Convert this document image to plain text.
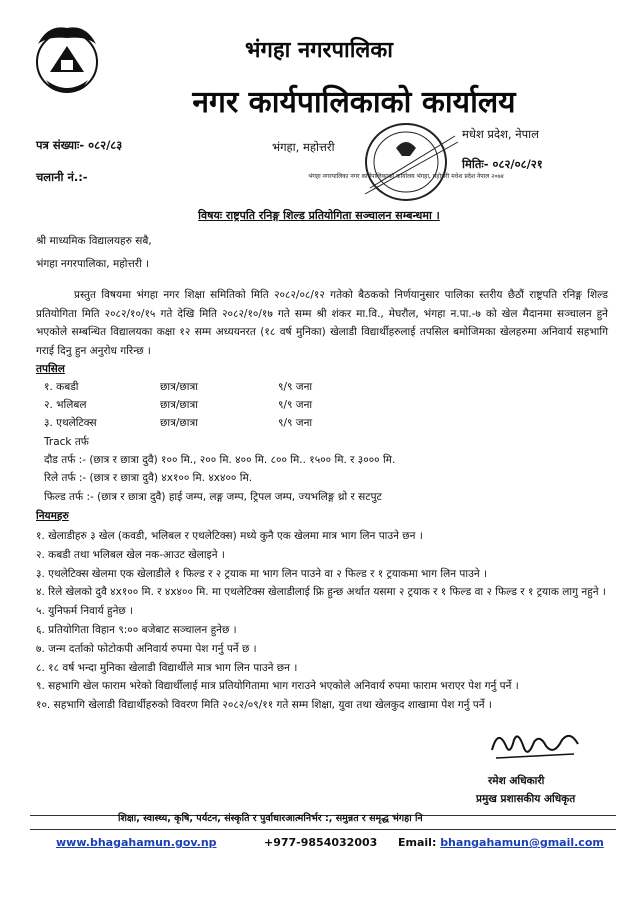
भंगहा नगरपालिका
नगर कार्यपालिकाको कार्यालय
पत्र संख्याः- ०८२/८३
चलानी नं.:-
भंगहा, महोत्तरी
मधेश प्रदेश, नेपाल
मितिः- ०८२/०८/२१
भंगहा नगरपालिका नगर कार्यपालिकाको कार्यालय भंगहा, महोत्तरी मधेश प्रदेश नेपाल २०७४
विषयः राष्ट्रपति रनिङ्ग शिल्ड प्रतियोगिता सञ्चालन सम्बन्धमा ।
श्री माध्यमिक विद्यालयहरु सबै,
भंगहा नगरपालिका, महोत्तरी ।
प्रस्तुत विषयमा भंगहा नगर शिक्षा समितिको मिति २०८२/०८/१२ गतेको बैठकको निर्णयानुसार पालिका स्तरीय छैठौं राष्ट्रपति रनिङ्ग शिल्ड प्रतियोगिता मिति २०८२/१०/१५ गते देखि मिति २०८२/१०/१७ गते सम्म श्री शंकर मा.वि., मेघरौल, भंगहा न.पा.-७ को खेल मैदानमा सञ्चालन हुने भएकोले सम्बन्धित विद्यालयका कक्षा १२ सम्म अध्ययनरत (१८ वर्ष मुनिका) खेलाडी विद्यार्थीहरुलाई तपसिल बमोजिमका खेलहरुमा अनिवार्य सहभागि गराई दिनु हुन अनुरोध गरिन्छ ।
तपसिल
१. कबडी	छात्र/छात्रा	९/९ जना
२. भलिबल	छात्र/छात्रा	९/९ जना
३. एथलेटिक्स	छात्र/छात्रा	९/९ जना
Track तर्फ
दौड तर्फ :- (छात्र र छात्रा दुवै) १०० मि., २०० मि. ४०० मि. ८०० मि.. १५०० मि. र ३००० मि.
रिले तर्फ :- (छात्र र छात्रा दुवै) ४x१०० मि. ४x४०० मि.
फिल्ड तर्फ :- (छात्र र छात्रा दुवै) हाई जम्प, लङ्ग जम्प, ट्रिपल जम्प, ज्यभलिङ्ग थ्रो र सटपुट
नियमहरु
१. खेलाडीहरु ३ खेल (कवडी, भलिबल र एथलेटिक्स) मध्ये कुनै एक खेलमा मात्र भाग लिन पाउने छन ।
२. कबडी तथा भलिबल खेल नक-आउट खेलाइने ।
३. एथलेटिक्स खेलमा एक खेलाडीले १ फिल्ड र २ ट्रयाक मा भाग लिन पाउने वा २ फिल्ड र १ ट्रयाकमा भाग लिन पाउने ।
४. रिले खेलको दुवै ४x१०० मि. र ४x४०० मि. मा एथलेटिक्स खेलाडीलाई फ्रि हुन्छ अर्थात यसमा २ ट्रयाक र १ फिल्ड वा २ फिल्ड र १ ट्रयाक लागु नहुने ।
५. युनिफर्म निवार्य हुनेछ ।
६. प्रतियोगिता विहान ९:०० बजेबाट सञ्चालन हुनेछ ।
७. जन्म दर्ताको फोटोकपी अनिवार्य रुपमा पेश गर्नु पर्ने छ ।
८. १८ वर्ष भन्दा मुनिका खेलाडी विद्यार्थीले मात्र भाग लिन पाउने छन ।
९. सहभागि खेल फाराम भरेको विद्यार्थीलाई मात्र प्रतियोगितामा भाग गराउने भएकोले अनिवार्य रुपमा फाराम भराएर पेश गर्नु पर्ने ।
१०. सहभागि खेलाडी विद्यार्थीहरुको विवरण मिति २०८२/०९/११ गते सम्म शिक्षा, युवा तथा खेलकुद शाखामा पेश गर्नु पर्ने ।
रमेश अधिकारी
प्रमुख प्रशासकीय अधिकृत
शिक्षा, स्वास्थ्य, कृषि, पर्यटन, संस्कृति र पुर्वाधारआत्मनिर्भर :, समुन्नत र समृद्ध भंगहा नि
www.bhagahamun.gov.np	+977-9854032003 Email: bhangahamun@gmail.com
